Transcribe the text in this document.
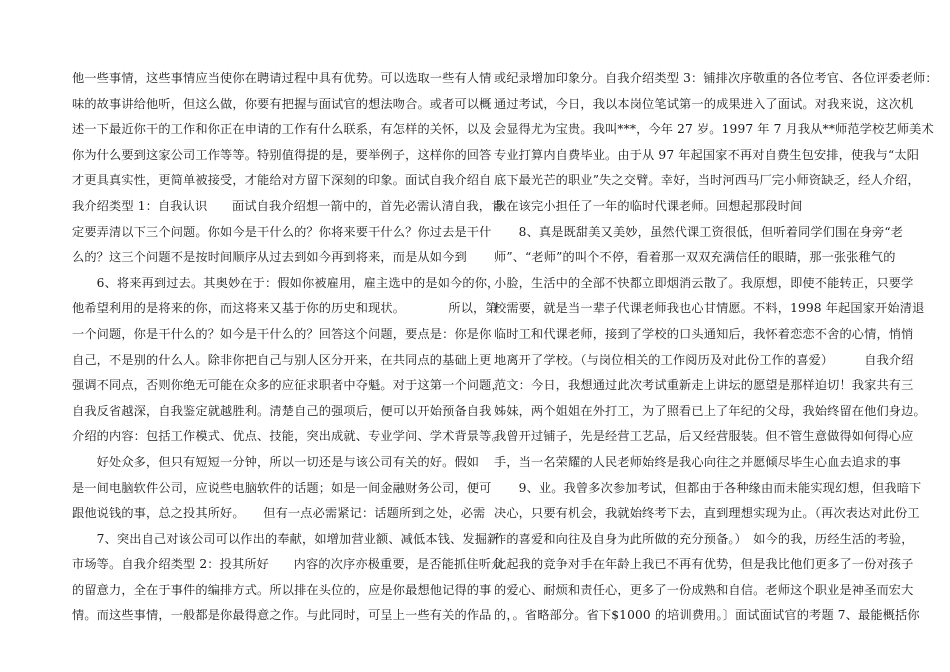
他一些事情，这些事情应当使你在聘请过程中具有优势。可以选取一些有人情
味的故事讲给他听，但这么做，你要有把握与面试官的想法吻合。或者可以概
述一下最近你干的工作和你正在申请的工作有什么联系，有怎样的关怀，以及
你为什么要到这家公司工作等等。特别值得提的是，要举例子，这样你的回答
才更具真实性，更简单被接受，才能给对方留下深刻的印象。面试自我介绍自
我介绍类型 1：自我认识　　面试自我介绍想一箭中的，首先必需认清自我，肯
定要弄清以下三个问题。你如今是干什么的？你将来要干什么？你过去是干什
么的？这三个问题不是按时间顺序从过去到如今再到将来，而是从如今到
　　6、将来再到过去。其奥妙在于：假如你被雇用，雇主选中的是如今的你，
他希望利用的是将来的你，而这将来又基于你的历史和现状。　　　　所以，第
一个问题，你是干什么的？如今是干什么的？回答这个问题，要点是：你是你
自己，不是别的什么人。除非你把自己与别人区分开来，在共同点的基础上更
强调不同点，否则你绝无可能在众多的应征求职者中夺魁。对于这第一个问题，
自我反省越深，自我鉴定就越胜利。清楚自己的强项后，便可以开始预备自我
介绍的内容：包括工作模式、优点、技能，突出成就、专业学问、学术背景等。
　　好处众多，但只有短短一分钟，所以一切还是与该公司有关的好。假如
是一间电脑软件公司，应说些电脑软件的话题；如是一间金融财务公司，便可
跟他说钱的事，总之投其所好。　　但有一点必需紧记：话题所到之处，必需
　　7、突出自己对该公司可以作出的奉献，如增加营业额、减低本钱、发掘新
市场等。自我介绍类型 2：投其所好　　内容的次序亦极重要，是否能抓住听众
的留意力，全在于事件的编排方式。所以排在头位的，应是你最想他记得的事
情。而这些事情，一般都是你最得意之作。与此同时，可呈上一些有关的作品
或纪录增加印象分。自我介绍类型 3：铺排次序敬重的各位考官、各位评委老师：
通过考试，今日，我以本岗位笔试第一的成果进入了面试。对我来说，这次机
会显得尤为宝贵。我叫***，今年 27 岁。1997 年 7 月我从**师范学校艺师美术
专业打算内自费毕业。由于从 97 年起国家不再对自费生包安排，使我与“太阳
底下最光芒的职业”失之交臂。幸好，当时河西马厂完小师资缺乏，经人介绍，
我在该完小担任了一年的临时代课老师。回想起那段时间
　　8、真是既甜美又美妙，虽然代课工资很低，但听着同学们围在身旁“老
师”、“老师”的叫个不停，看着那一双双充满信任的眼睛，那一张张稚气的
小脸，生活中的全部不快都立即烟消云散了。我原想，即使不能转正，只要学
校需要，就是当一辈子代课老师我也心甘情愿。不料，1998 年起国家开始清退
临时工和代课老师，接到了学校的口头通知后，我怀着恋恋不舍的心情，悄悄
地离开了学校。（与岗位相关的工作阅历及对此份工作的喜爱）　　　自我介绍
范文：今日，我想通过此次考试重新走上讲坛的愿望是那样迫切！我家共有三
姊妹，两个姐姐在外打工，为了照看已上了年纪的父母，我始终留在他们身边。
我曾开过铺子，先是经营工艺品，后又经营服装。但不管生意做得如何得心应
手，当一名荣耀的人民老师始终是我心向往之并愿倾尽毕生心血去追求的事
　　9、业。我曾多次参加考试，但都由于各种缘由而未能实现幻想，但我暗下
决心，只要有机会，我就始终考下去，直到理想实现为止。（再次表达对此份工
作的喜爱和向往及自身为此所做的充分预备。）　如今的我，历经生活的考验，
比起我的竞争对手在年龄上我已不再有优势，但是我比他们更多了一份对孩子
的爱心、耐烦和责任心，更多了一份成熟和自信。老师这个职业是神圣而宏大
的，。省略部分。省下$1000 的培训费用。〕面试面试官的考题 7、最能概括你
